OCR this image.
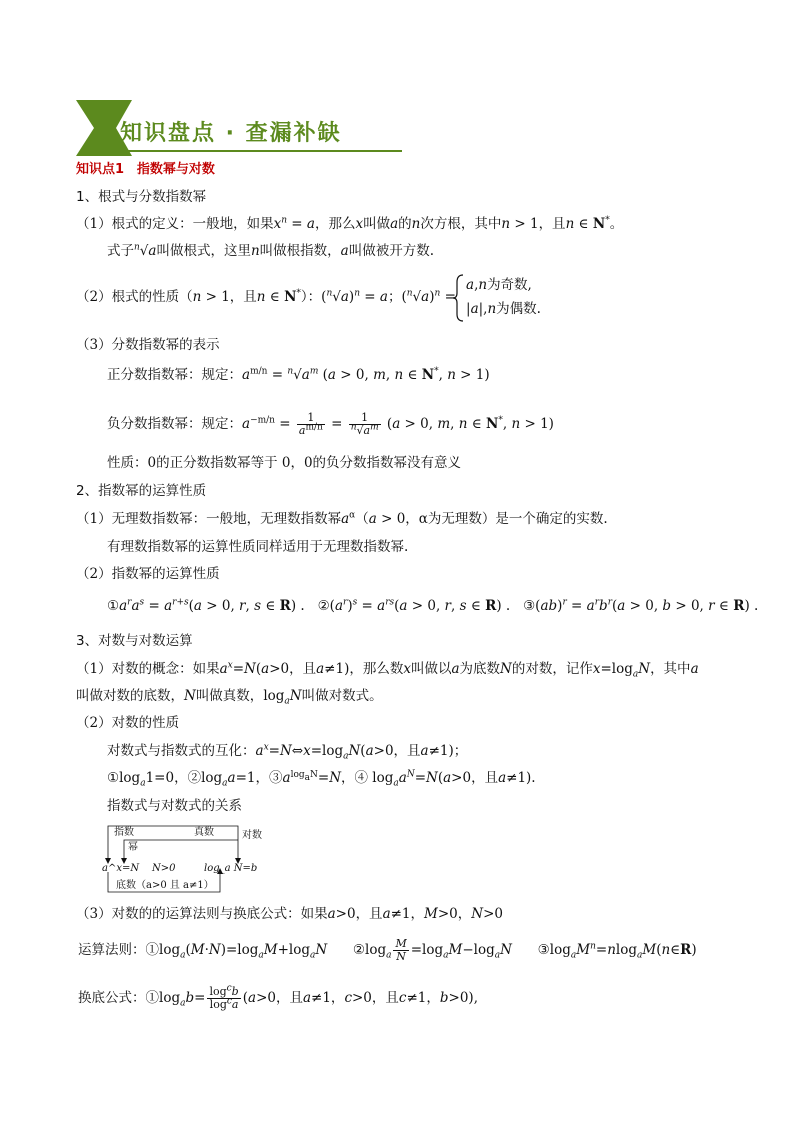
知识盘点 · 查漏补缺
知识点1 指数幂与对数
1、根式与分数指数幂
（1）根式的定义：一般地，如果$x^n = a$，那么x叫做a的n次方根，其中n > 1，且n ∈ N*。
式子$^n$√a叫做根式，这里n叫做根指数，a叫做被开方数.
（2）根式的性质（n > 1，且n ∈ N*）：$(^n√a)^n = a$；$(^n√a)^n$ =
a,n为奇数,
|a|,n为偶数.
（3）分数指数幂的表示
正分数指数幂：规定：$a^{m/n} = ^n√a^m$ (a > 0, m, n ∈ N*, n > 1)
负分数指数幂：规定：$a^{-m/n} = \frac{1}{a^{m/n}} = \frac{1}{^n√a^m} (a > 0$, m, n ∈ N*, n > 1)
性质：0的正分数指数幂等于 0，0的负分数指数幂没有意义
2、指数幂的运算性质
（1）无理数指数幂：一般地，无理数指数幂$a^\alpha(a > 0$，α为无理数）是一个确定的实数.
有理数指数幂的运算性质同样适用于无理数指数幂.
（2）指数幂的运算性质
$①a^ra^s = a^{r+s}(a > 0$, r, s ∈ R) .   $②(a^r)^s = a^{rs}(a > 0$, r, s ∈ R) .   ③(ab)$^r$ = $a^rb^r(a > 0$, b > 0, r ∈ R) .
3、对数与对数运算
（1）对数的概念：如果$a^x=N(a>0$，且a≠1)，那么数x叫做以a为底数N的对数，记作$x=\log_aN$，其中a
叫做对数的底数，N叫做真数，$\log_aN$叫做对数式。
（2）对数的性质
对数式与指数式的互化：$a^x=N\Leftrightarrow x=\log_aN(a>0$，且a≠1)；
$①\log_a1=0$，$②\log_aa=1$，$③a^{log_aN}=N$，④ $\log_aa^N=N(a>0$，且a≠1).
指数式与对数式的关系
指数	真数	对数
幂
a^x=N N>0	log_a N=b
底数（a>0 且 a≠1）
（3）对数的的运算法则与换底公式：如果a>0，且a≠1，M>0，N>0
运算法则：$①\log_a(M\cdot N)=\log_aM+\log_aN$      $②\log_a \frac{M}{N} =\log_aM-\log_aN$      $③\log_aM^n=nlog_aM(n\in R)$
换底公式：$①\log_ab= \frac{\log^cb}{\log^ca} (a>0$，且a≠1，c>0，且c≠1，b>0),
